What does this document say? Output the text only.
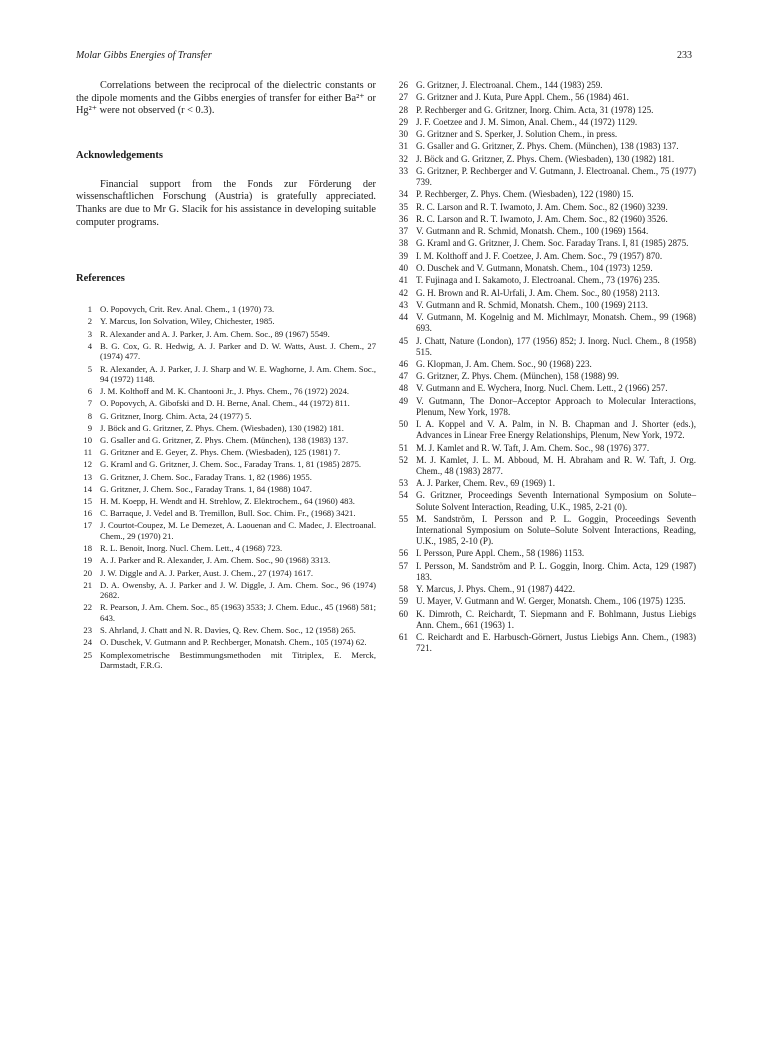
Molar Gibbs Energies of Transfer	233

Correlations between the reciprocal of the dielectric constants or the dipole moments and the Gibbs energies of transfer for either Ba²⁺ or Hg²⁺ were not observed (r < 0.3).

Acknowledgements

Financial support from the Fonds zur Förderung der wissenschaftlichen Forschung (Austria) is gratefully appreciated. Thanks are due to Mr G. Slacik for his assistance in developing suitable computer programs.

References
1 O. Popovych, Crit. Rev. Anal. Chem., 1 (1970) 73.
2 Y. Marcus, Ion Solvation, Wiley, Chichester, 1985.
3 R. Alexander and A. J. Parker, J. Am. Chem. Soc., 89 (1967) 5549.
4 B. G. Cox, G. R. Hedwig, A. J. Parker and D. W. Watts, Aust. J. Chem., 27 (1974) 477.
5 R. Alexander, A. J. Parker, J. J. Sharp and W. E. Waghorne, J. Am. Chem. Soc., 94 (1972) 1148.
6 J. M. Kolthoff and M. K. Chantooni Jr., J. Phys. Chem., 76 (1972) 2024.
7 O. Popovych, A. Gibofski and D. H. Berne, Anal. Chem., 44 (1972) 811.
8 G. Gritzner, Inorg. Chim. Acta, 24 (1977) 5.
9 J. Böck and G. Gritzner, Z. Phys. Chem. (Wiesbaden), 130 (1982) 181.
10 G. Gsaller and G. Gritzner, Z. Phys. Chem. (München), 138 (1983) 137.
11 G. Gritzner and E. Geyer, Z. Phys. Chem. (Wiesbaden), 125 (1981) 7.
12 G. Kraml and G. Gritzner, J. Chem. Soc., Faraday Trans. 1, 81 (1985) 2875.
13 G. Gritzner, J. Chem. Soc., Faraday Trans. 1, 82 (1986) 1955.
14 G. Gritzner, J. Chem. Soc., Faraday Trans. 1, 84 (1988) 1047.
15 H. M. Koepp, H. Wendt and H. Strehlow, Z. Elektrochem., 64 (1960) 483.
16 C. Barraque, J. Vedel and B. Tremillon, Bull. Soc. Chim. Fr., (1968) 3421.
17 J. Courtot-Coupez, M. Le Demezet, A. Laouenan and C. Madec, J. Electroanal. Chem., 29 (1970) 21.
18 R. L. Benoit, Inorg. Nucl. Chem. Lett., 4 (1968) 723.
19 A. J. Parker and R. Alexander, J. Am. Chem. Soc., 90 (1968) 3313.
20 J. W. Diggle and A. J. Parker, Aust. J. Chem., 27 (1974) 1617.
21 D. A. Owensby, A. J. Parker and J. W. Diggle, J. Am. Chem. Soc., 96 (1974) 2682.
22 R. Pearson, J. Am. Chem. Soc., 85 (1963) 3533; J. Chem. Educ., 45 (1968) 581; 643.
23 S. Ahrland, J. Chatt and N. R. Davies, Q. Rev. Chem. Soc., 12 (1958) 265.
24 O. Duschek, V. Gutmann and P. Rechberger, Monatsh. Chem., 105 (1974) 62.
25 Komplexometrische Bestimmungsmethoden mit Titriplex, E. Merck, Darmstadt, F.R.G.
26 G. Gritzner, J. Electroanal. Chem., 144 (1983) 259.
27 G. Gritzner and J. Kuta, Pure Appl. Chem., 56 (1984) 461.
28 P. Rechberger and G. Gritzner, Inorg. Chim. Acta, 31 (1978) 125.
29 J. F. Coetzee and J. M. Simon, Anal. Chem., 44 (1972) 1129.
30 G. Gritzner and S. Sperker, J. Solution Chem., in press.
31 G. Gsaller and G. Gritzner, Z. Phys. Chem. (München), 138 (1983) 137.
32 J. Böck and G. Gritzner, Z. Phys. Chem. (Wiesbaden), 130 (1982) 181.
33 G. Gritzner, P. Rechberger and V. Gutmann, J. Electroanal. Chem., 75 (1977) 739.
34 P. Rechberger, Z. Phys. Chem. (Wiesbaden), 122 (1980) 15.
35 R. C. Larson and R. T. Iwamoto, J. Am. Chem. Soc., 82 (1960) 3239.
36 R. C. Larson and R. T. Iwamoto, J. Am. Chem. Soc., 82 (1960) 3526.
37 V. Gutmann and R. Schmid, Monatsh. Chem., 100 (1969) 1564.
38 G. Kraml and G. Gritzner, J. Chem. Soc. Faraday Trans. I, 81 (1985) 2875.
39 I. M. Kolthoff and J. F. Coetzee, J. Am. Chem. Soc., 79 (1957) 870.
40 O. Duschek and V. Gutmann, Monatsh. Chem., 104 (1973) 1259.
41 T. Fujinaga and I. Sakamoto, J. Electroanal. Chem., 73 (1976) 235.
42 G. H. Brown and R. Al-Urfali, J. Am. Chem. Soc., 80 (1958) 2113.
43 V. Gutmann and R. Schmid, Monatsh. Chem., 100 (1969) 2113.
44 V. Gutmann, M. Kogelnig and M. Michlmayr, Monatsh. Chem., 99 (1968) 693.
45 J. Chatt, Nature (London), 177 (1956) 852; J. Inorg. Nucl. Chem., 8 (1958) 515.
46 G. Klopman, J. Am. Chem. Soc., 90 (1968) 223.
47 G. Gritzner, Z. Phys. Chem. (München), 158 (1988) 99.
48 V. Gutmann and E. Wychera, Inorg. Nucl. Chem. Lett., 2 (1966) 257.
49 V. Gutmann, The Donor–Acceptor Approach to Molecular Interactions, Plenum, New York, 1978.
50 I. A. Koppel and V. A. Palm, in N. B. Chapman and J. Shorter (eds.), Advances in Linear Free Energy Relationships, Plenum, New York, 1972.
51 M. J. Kamlet and R. W. Taft, J. Am. Chem. Soc., 98 (1976) 377.
52 M. J. Kamlet, J. L. M. Abboud, M. H. Abraham and R. W. Taft, J. Org. Chem., 48 (1983) 2877.
53 A. J. Parker, Chem. Rev., 69 (1969) 1.
54 G. Gritzner, Proceedings Seventh International Symposium on Solute–Solute Solvent Interaction, Reading, U.K., 1985, 2-21 (0).
55 M. Sandström, I. Persson and P. L. Goggin, Proceedings Seventh International Symposium on Solute–Solute Solvent Interactions, Reading, U.K., 1985, 2-10 (P).
56 I. Persson, Pure Appl. Chem., 58 (1986) 1153.
57 I. Persson, M. Sandström and P. L. Goggin, Inorg. Chim. Acta, 129 (1987) 183.
58 Y. Marcus, J. Phys. Chem., 91 (1987) 4422.
59 U. Mayer, V. Gutmann and W. Gerger, Monatsh. Chem., 106 (1975) 1235.
60 K. Dimroth, C. Reichardt, T. Siepmann and F. Bohlmann, Justus Liebigs Ann. Chem., 661 (1963) 1.
61 C. Reichardt and E. Harbusch-Görnert, Justus Liebigs Ann. Chem., (1983) 721.
